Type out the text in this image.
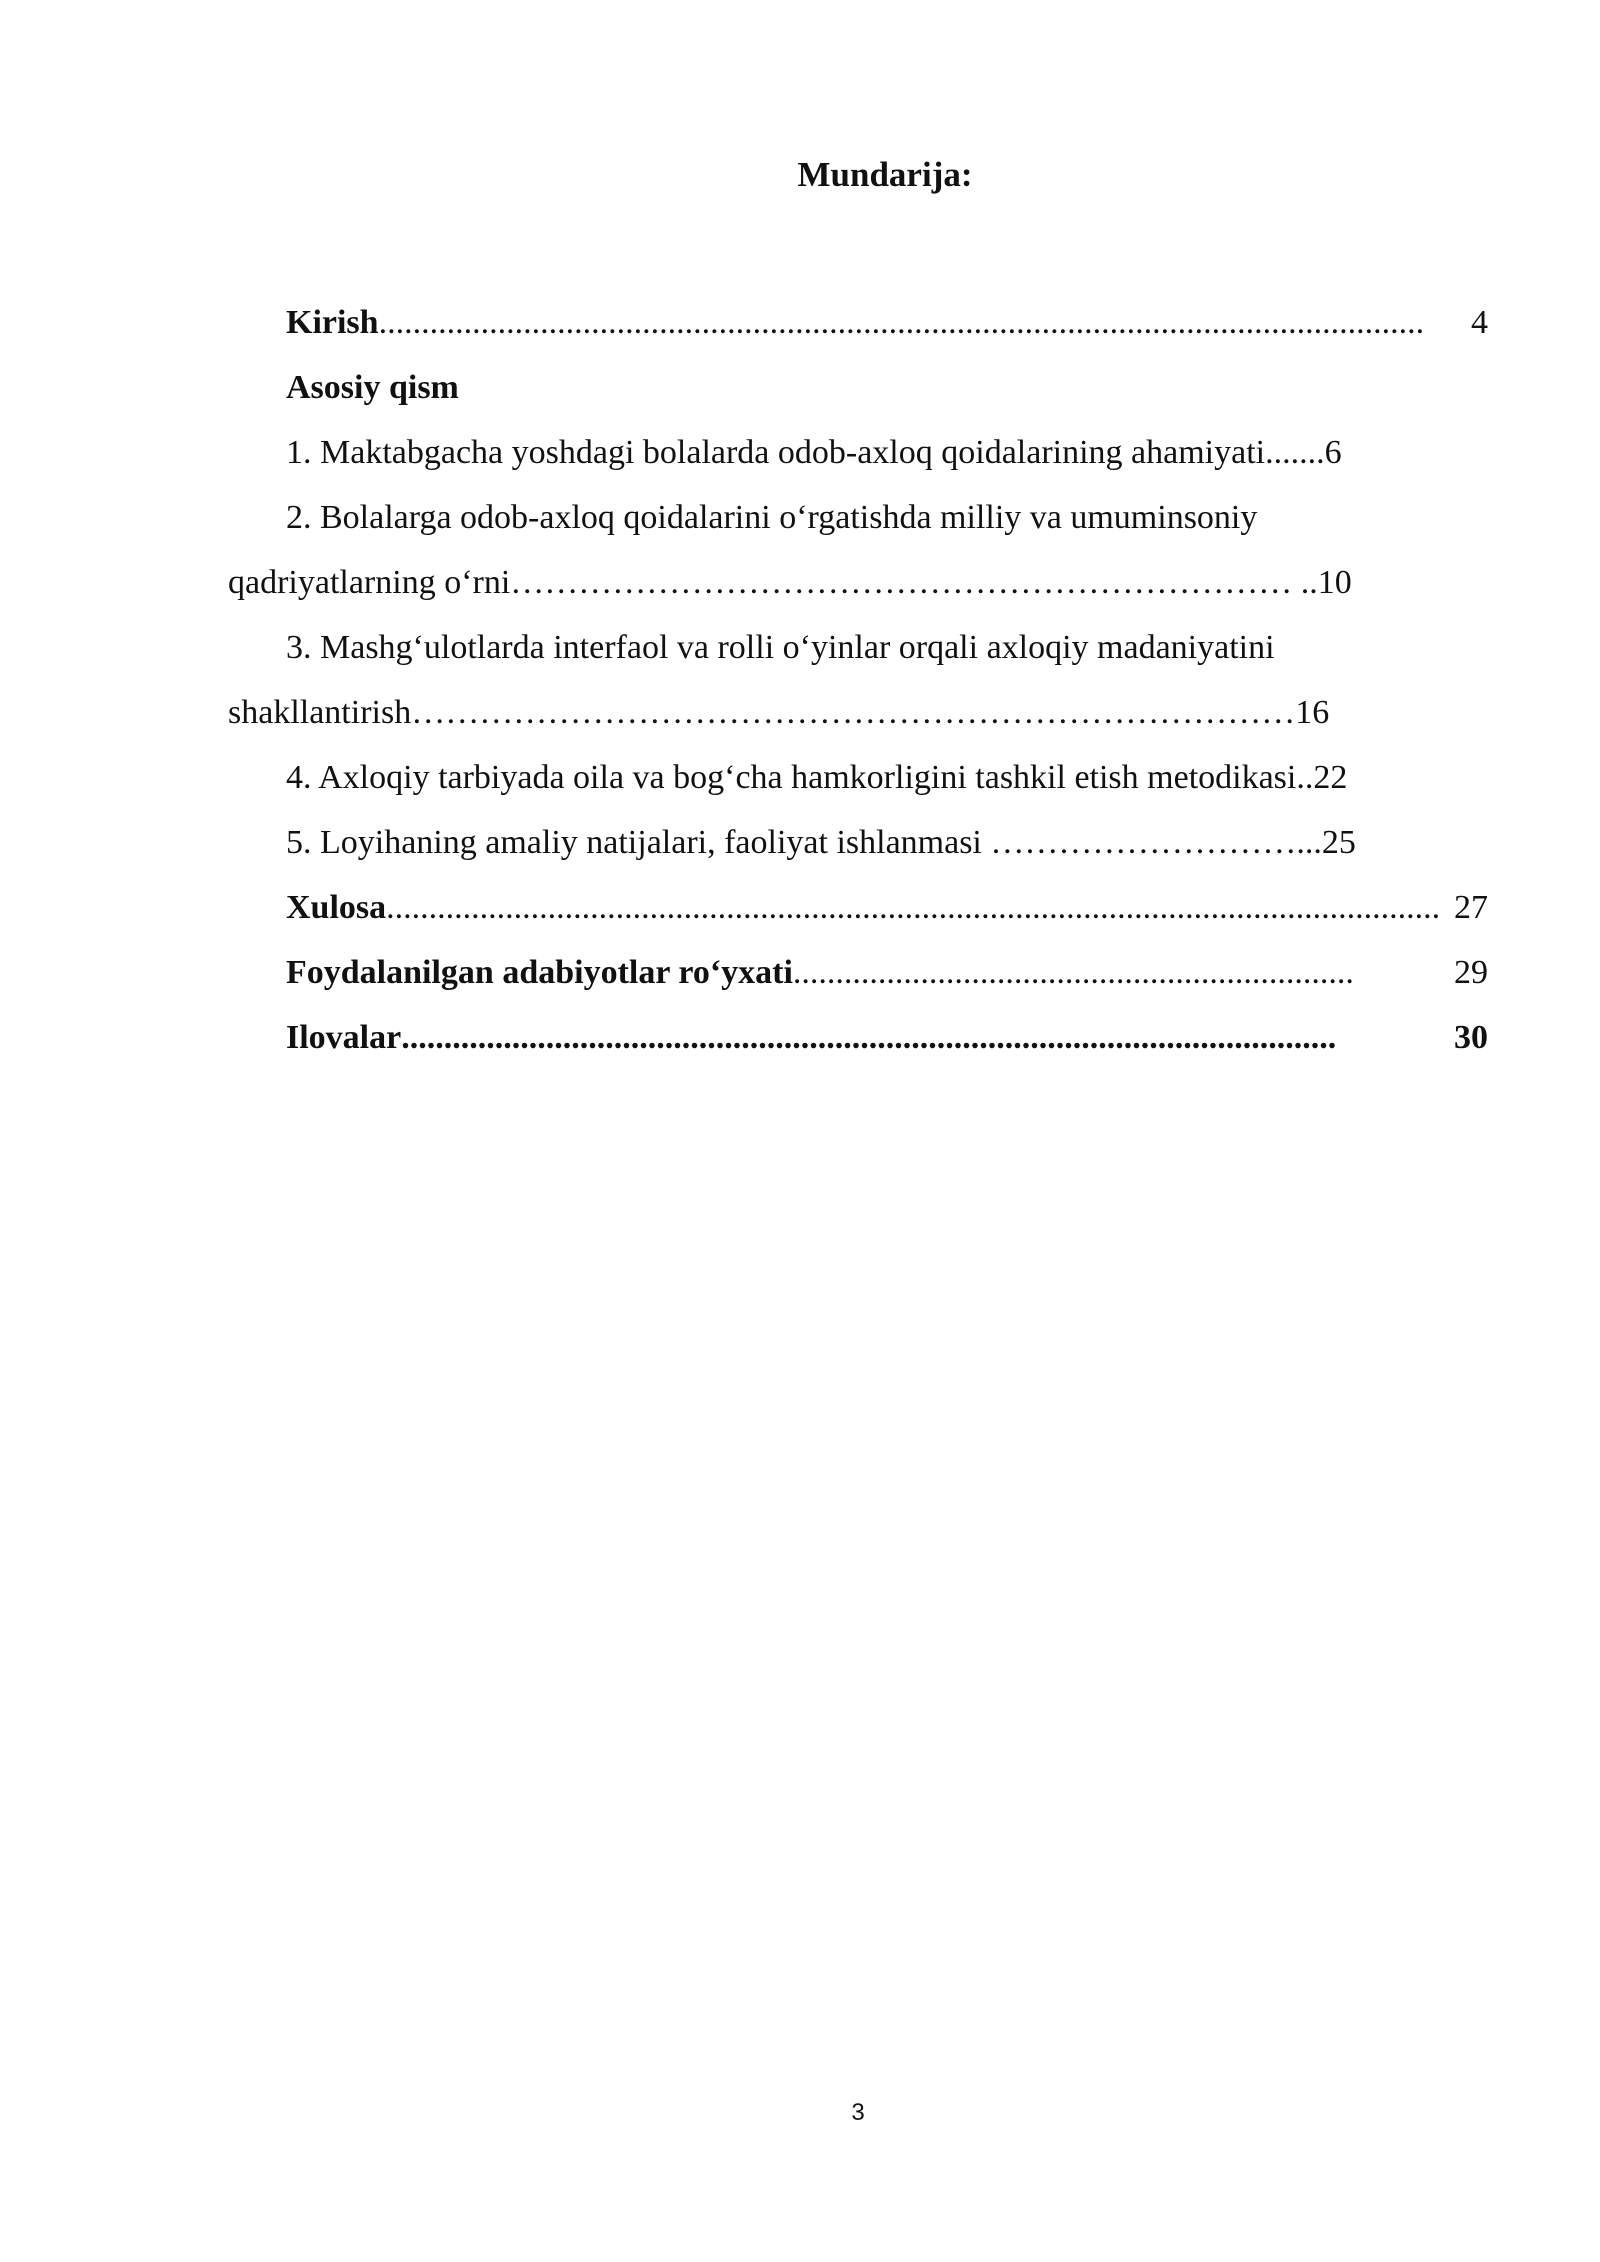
Mundarija:
Kirish ...........................................................................................................................	4
Asosiy qism
1. Maktabgacha yoshdagi bolalarda odob-axloq qoidalarining ahamiyati.......6
2. Bolalarga odob-axloq qoidalarini o‘rgatishda milliy va umuminsoniy
qadriyatlarning o‘rni…………………………………………………………… ..10
3. Mashg‘ulotlarda interfaol va rolli o‘yinlar orqali axloqiy madaniyatini
shakllantirish……………………………………………………………………16
4. Axloqiy tarbiyada oila va bog‘cha hamkorligini tashkil etish metodikasi..22
5. Loyihaning amaliy natijalari, faoliyat ishlanmasi ………………………...25
Xulosa ............................................................................................................................ 27
Foydalanilgan adabiyotlar ro‘yxati ..................................................................	29
Ilovalar ..............................................................................................................	30
3
